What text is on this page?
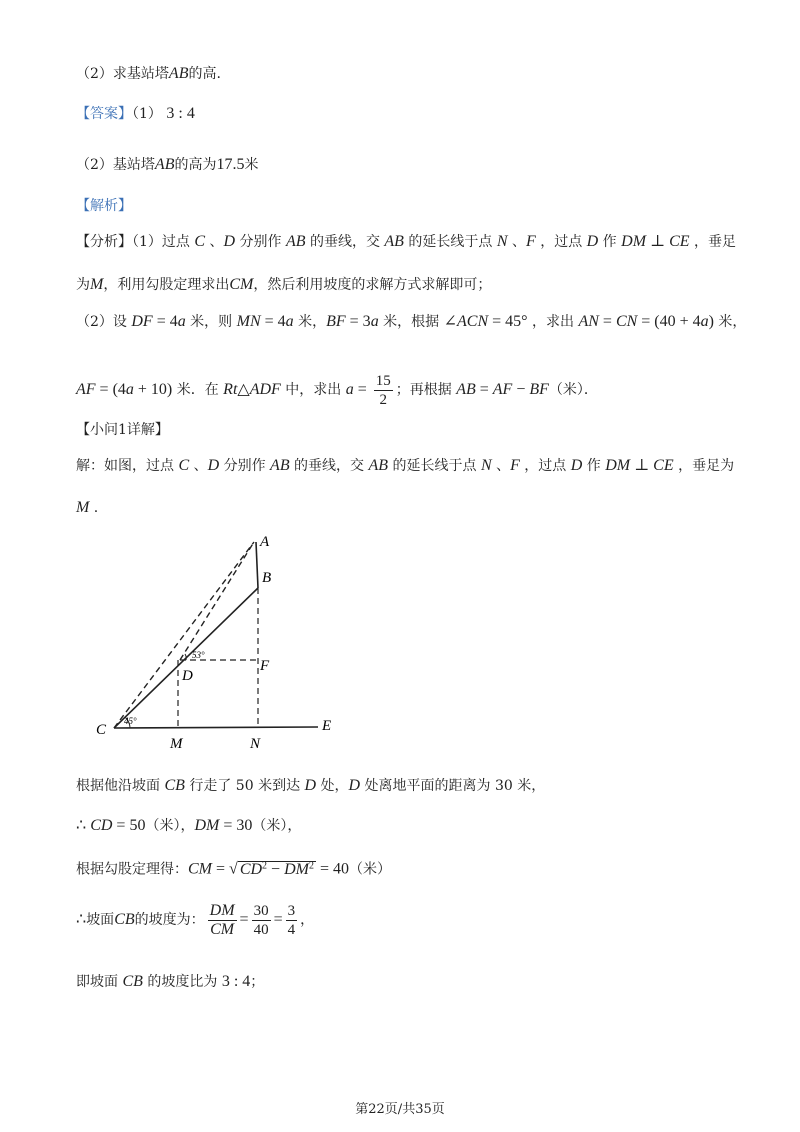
（2）求基站塔AB的高.
【答案】（1） 3 : 4
（2）基站塔AB的高为17.5米
【解析】
【分析】（1）过点 C 、D 分别作 AB 的垂线，交 AB 的延长线于点 N 、F ，过点 D 作 DM ⊥ CE ，垂足
为M，利用勾股定理求出CM，然后利用坡度的求解方式求解即可；
（2）设 DF = 4a 米，则 MN = 4a 米，BF = 3a 米，根据 ∠ACN = 45° ，求出 AN = CN = (40 + 4a) 米，
AF = (4a + 10) 米．在 Rt△ADF 中，求出 $a = \frac{15}{2}$ ；再根据 AB = AF − BF（米）．
【小问1详解】
解：如图，过点 C 、D 分别作 AB 的垂线，交 AB 的延长线于点 N 、F ，过点 D 作 DM ⊥ CE ，垂足为
M .
A
B
C
D
E
F
M	N
45°
53°
根据他沿坡面 CB 行走了 50 米到达 D 处，D 处离地平面的距离为 30 米，
∴ CD = 50（米），DM = 30（米），
根据勾股定理得：CM = √ $CD^2 - DM^2 = 40$（米）
∴坡面CB的坡度为： $\frac{DM}{CM} = \frac{30}{40} = \frac{3}{4}$ ，
即坡面 CB 的坡度比为 3 : 4；
第22页/共35页
